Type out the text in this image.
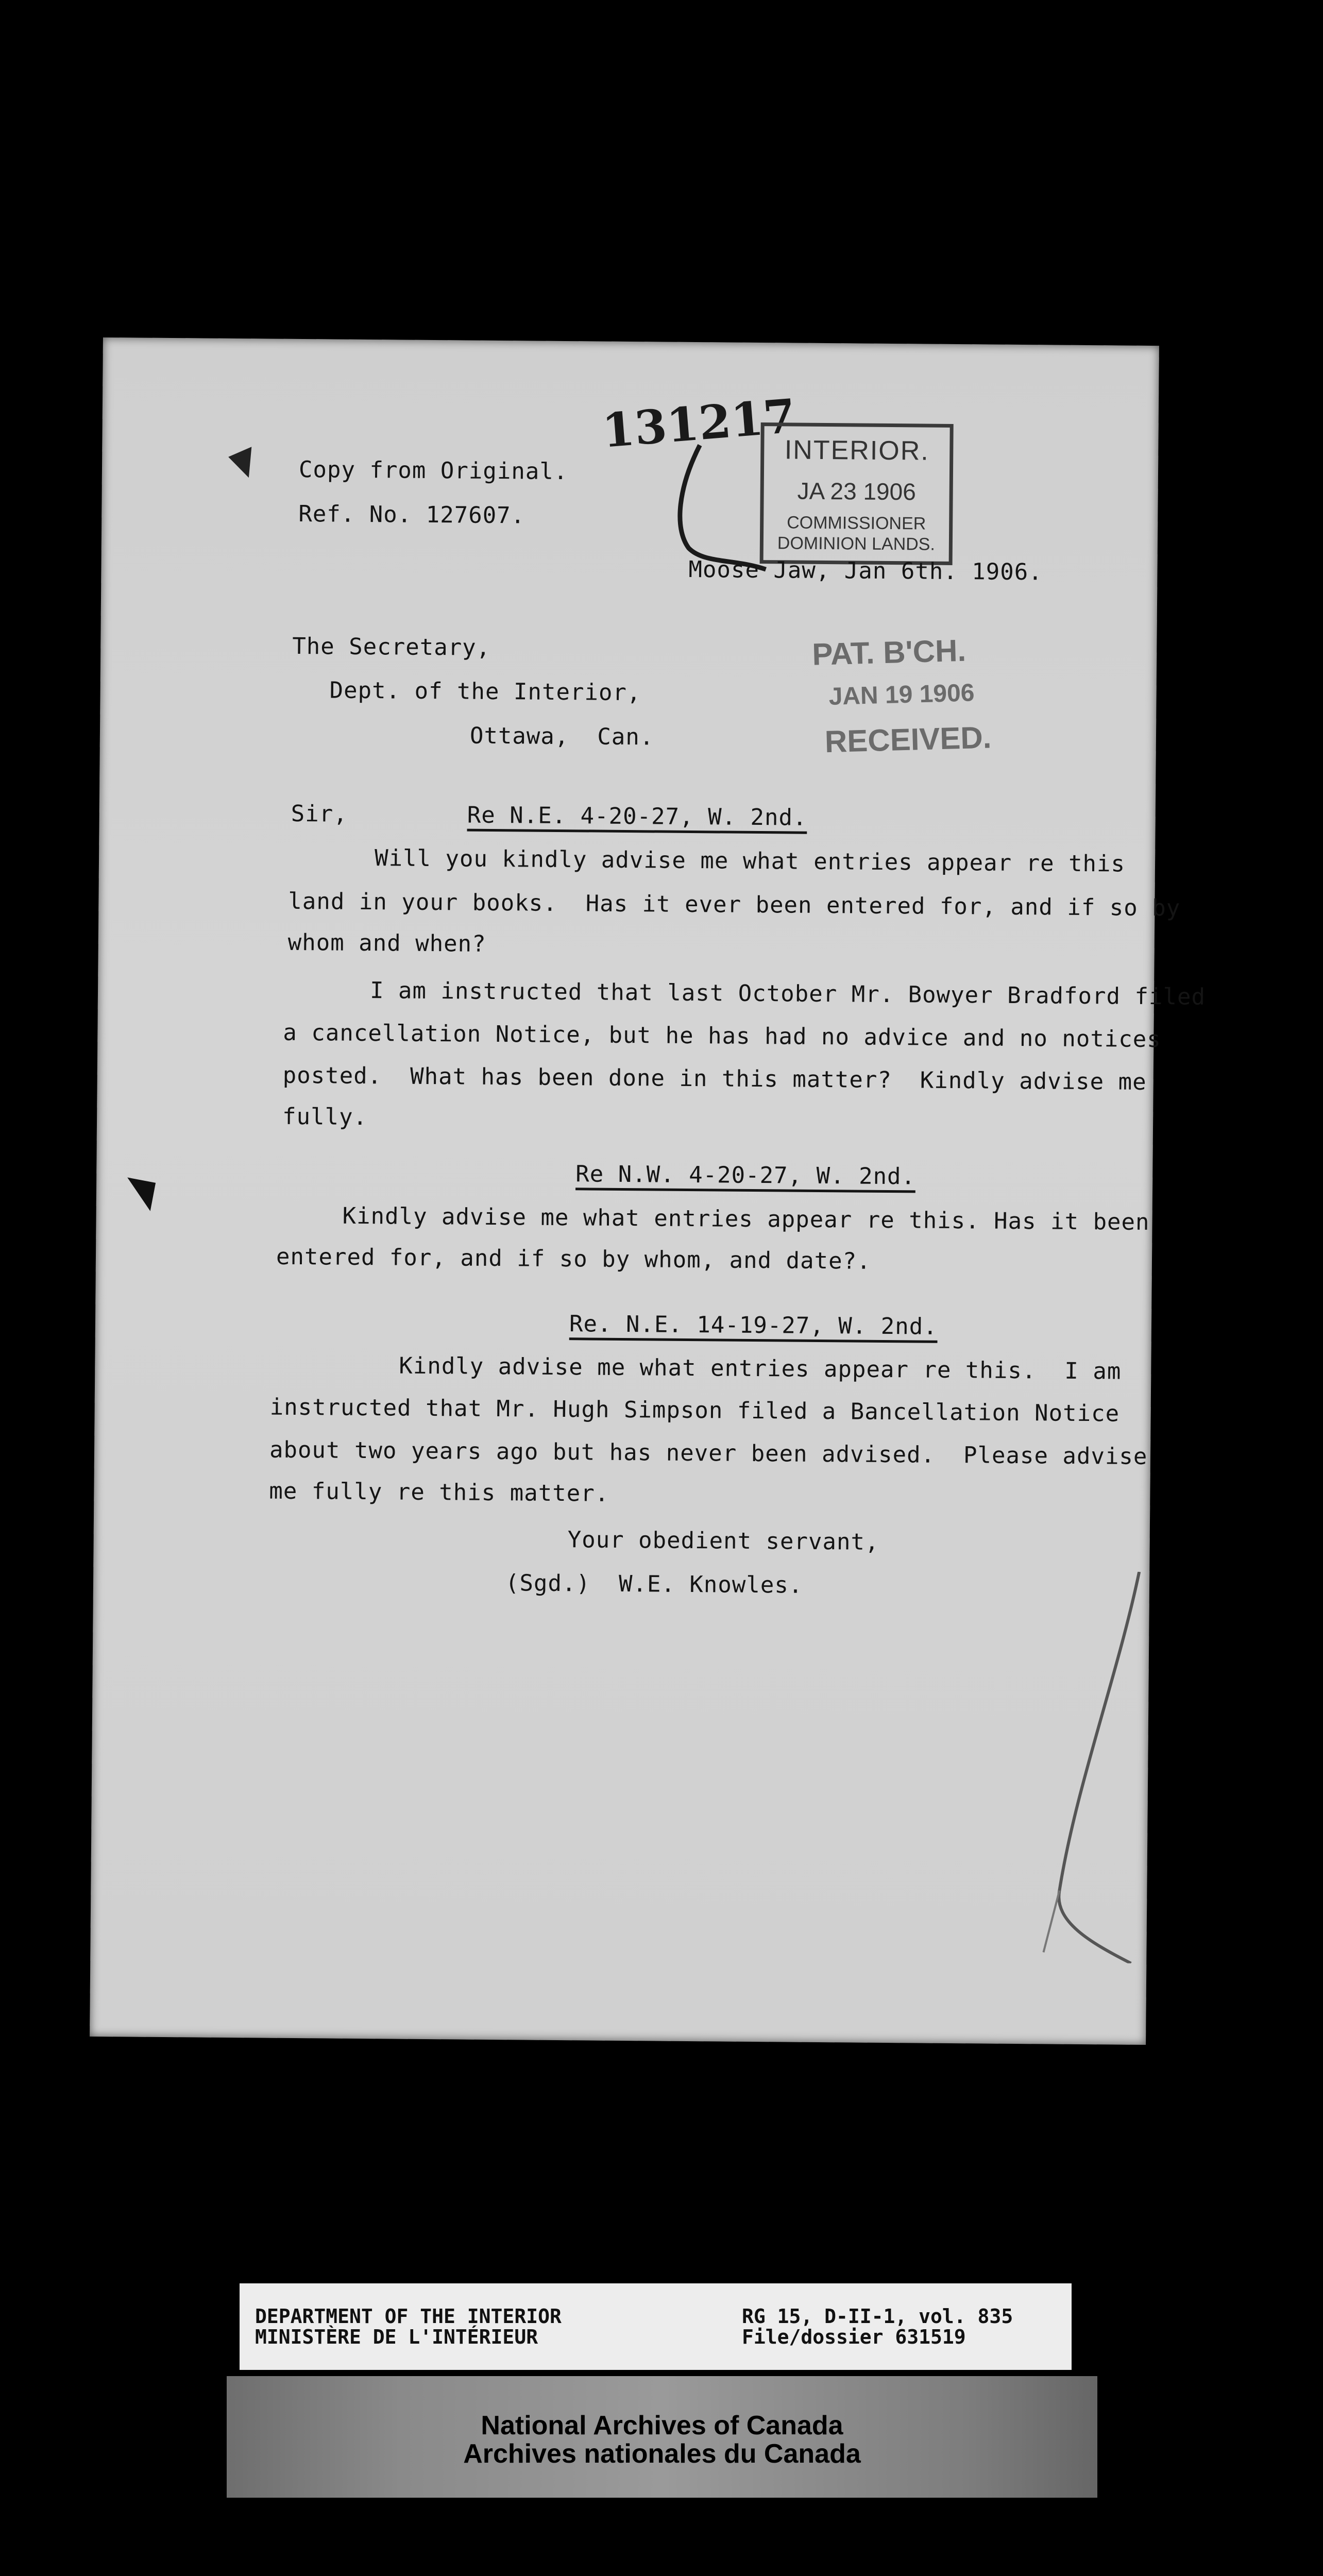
Copy from Original.
Ref. No. 127607.
131217
INTERIOR.
JA 23 1906
COMMISSIONER
DOMINION LANDS.
Moose Jaw, Jan 6th. 1906.
The Secretary,
Dept. of the Interior,
Ottawa,  Can.
PAT. B'CH.
JAN 19 1906
RECEIVED.
Sir,	Re N.E. 4-20-27, W. 2nd.
Will you kindly advise me what entries appear re this
land in your books.  Has it ever been entered for, and if so by
whom and when?
I am instructed that last October Mr. Bowyer Bradford filed
a cancellation Notice, but he has had no advice and no notices
posted.  What has been done in this matter?  Kindly advise me
fully.
Re N.W. 4-20-27, W. 2nd.
Kindly advise me what entries appear re this. Has it been
entered for, and if so by whom, and date?.
Re. N.E. 14-19-27, W. 2nd.
Kindly advise me what entries appear re this.  I am
instructed that Mr. Hugh Simpson filed a Bancellation Notice
about two years ago but has never been advised.  Please advise
me fully re this matter.
Your obedient servant,
(Sgd.)  W.E. Knowles.
DEPARTMENT OF THE INTERIOR
MINISTÈRE DE L'INTÉRIEUR
RG 15, D-II-1, vol. 835
File/dossier 631519
National Archives of Canada
Archives nationales du Canada
